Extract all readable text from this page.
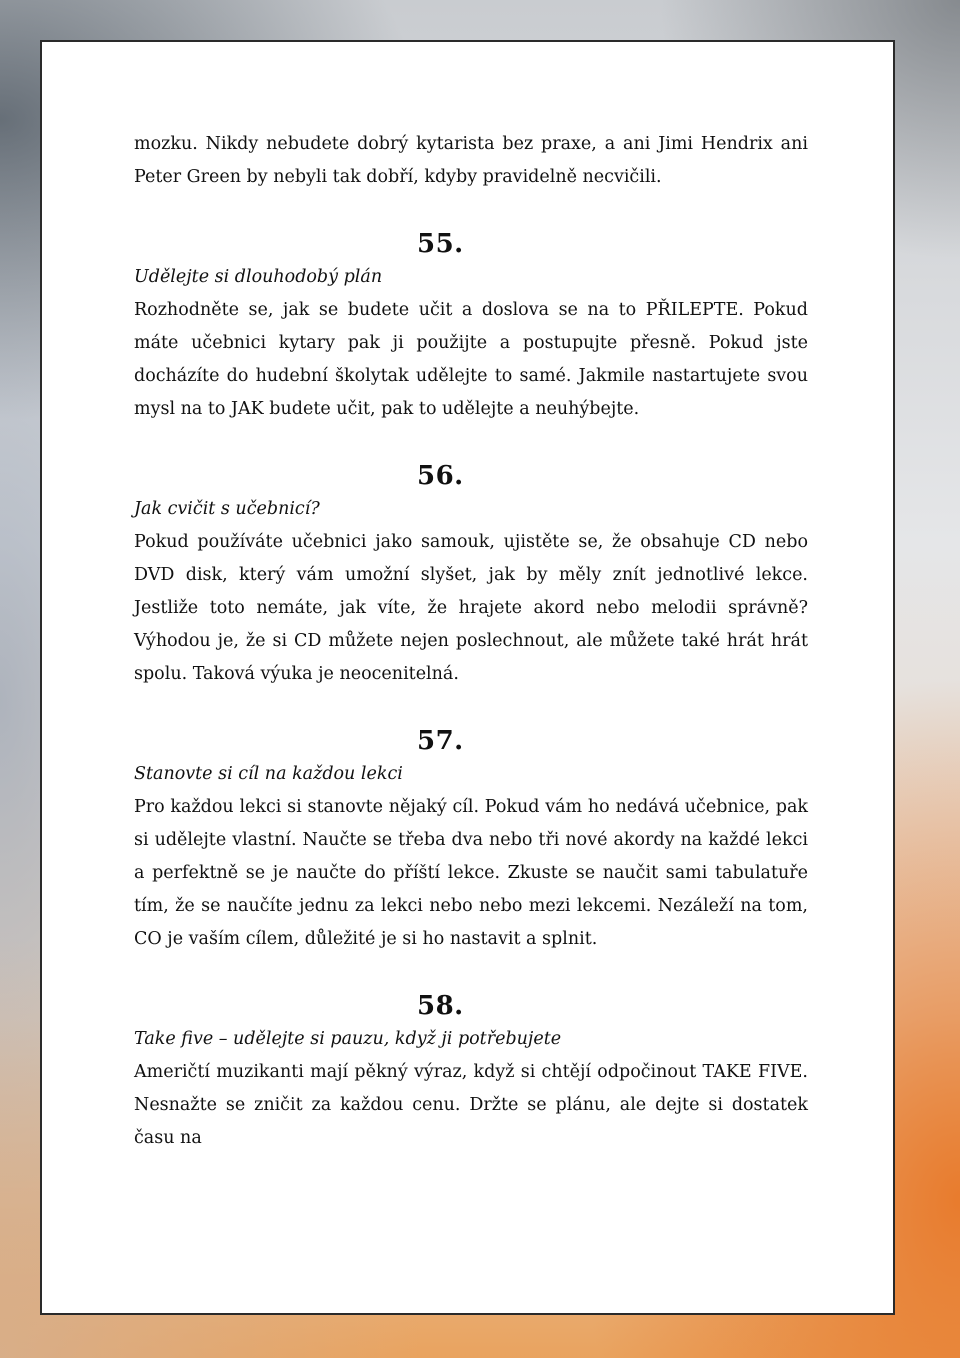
mozku. Nikdy nebudete dobrý kytarista bez praxe, a ani Jimi Hendrix ani Peter Green by nebyli tak dobří, kdyby pravidelně necvičili.

55.

Udělejte si dlouhodobý plán

Rozhodněte se, jak se budete učit a doslova se na to PŘILEPTE. Pokud máte učebnici kytary pak ji použijte a postupujte přesně. Pokud jste docházíte do hudební školytak udělejte to samé. Jakmile nastartujete svou mysl na to JAK budete učit, pak to udělejte a neuhýbejte.

56.

Jak cvičit s učebnicí?

Pokud používáte učebnici jako samouk, ujistěte se, že obsahuje CD nebo DVD disk, který vám umožní slyšet, jak by měly znít jednotlivé lekce. Jestliže toto nemáte, jak víte, že hrajete akord nebo melodii správně? Výhodou je, že si CD můžete nejen poslechnout, ale můžete také hrát hrát spolu. Taková výuka je neocenitelná.

57.

Stanovte si cíl na každou lekci

Pro každou lekci si stanovte nějaký cíl. Pokud vám ho nedává učebnice, pak si udělejte vlastní. Naučte se třeba dva nebo tři nové akordy na každé lekci a perfektně se je naučte do příští lekce. Zkuste se naučit sami tabulatuře tím, že se naučíte jednu za lekci nebo nebo mezi lekcemi. Nezáleží na tom, CO je vaším cílem, důležité je si ho nastavit a splnit.

58.

Take five – udělejte si pauzu, když ji potřebujete

Američtí muzikanti mají pěkný výraz, když si chtějí odpočinout TAKE FIVE. Nesnažte se zničit za každou cenu. Držte se plánu, ale dejte si dostatek času na
